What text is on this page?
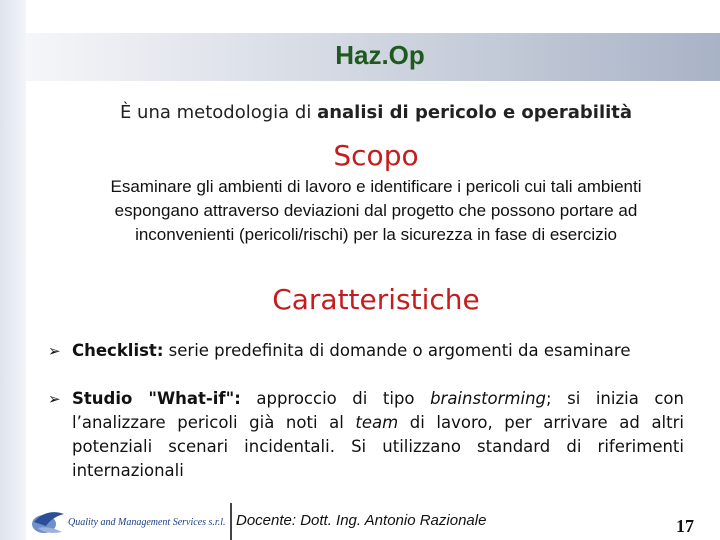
Haz.Op
È una metodologia di analisi di pericolo e operabilità
Scopo
Esaminare gli ambienti di lavoro e identificare i pericoli cui tali ambienti espongano attraverso deviazioni dal progetto che possono portare ad inconvenienti (pericoli/rischi) per la sicurezza in fase di esercizio
Caratteristiche
➢ Checklist: serie predefinita di domande o argomenti da esaminare
➢ Studio "What-if": approccio di tipo brainstorming; si inizia con l’analizzare pericoli già noti al team di lavoro, per arrivare ad altri potenziali scenari incidentali. Si utilizzano standard di riferimenti internazionali
Quality and Management Services s.r.l. Docente: Dott. Ing. Antonio Razionale	17
